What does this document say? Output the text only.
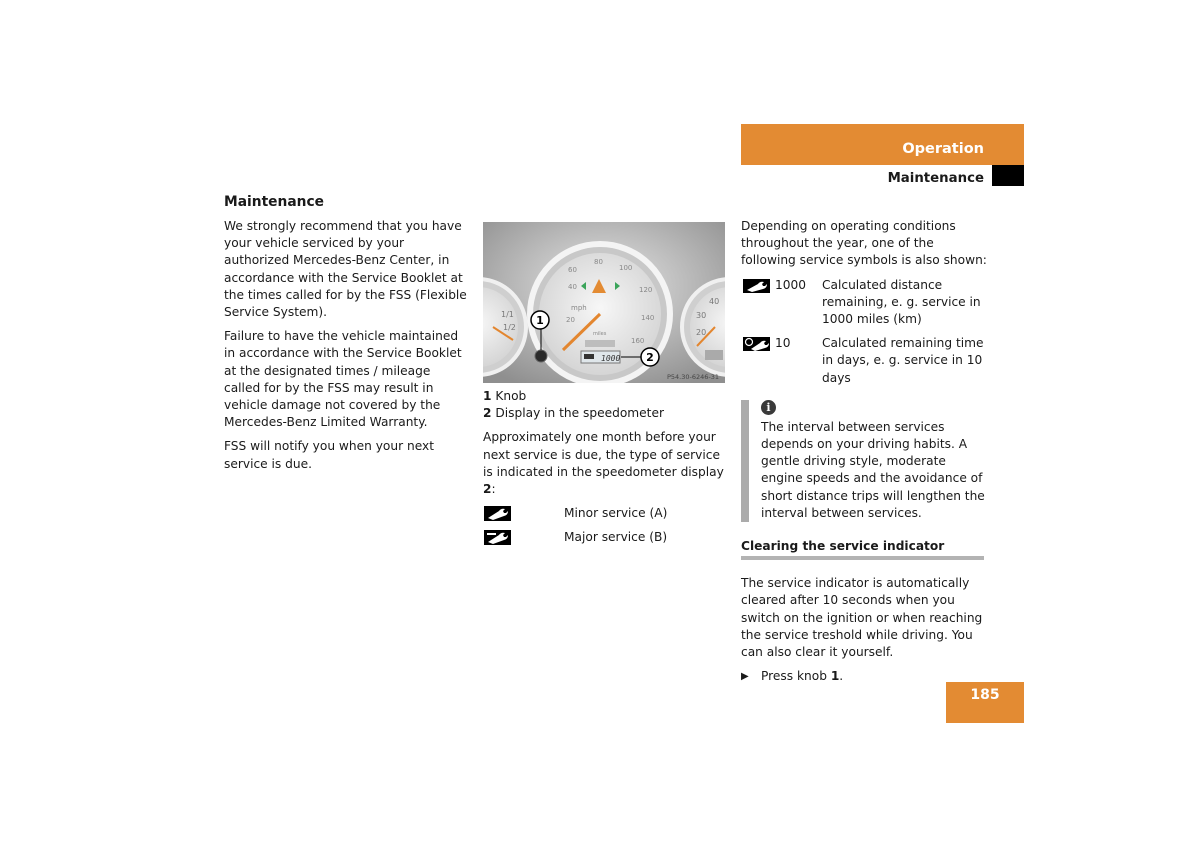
Operation
Maintenance
Maintenance

We strongly recommend that you have your vehicle serviced by your authorized Mercedes-Benz Center, in accordance with the Service Booklet at the times called for by the FSS (Flexible Service System).

Failure to have the vehicle maintained in accordance with the Service Booklet at the designated times / mileage called for by the FSS may result in vehicle damage not covered by the Mercedes-Benz Limited Warranty.

FSS will notify you when your next service is due.

1/1
1/2
40
30
20
40
80
100
120
140
160
60
20
mph
miles
1000
1
2
P54.30-6246-31
1 Knob
2 Display in the speedometer

Approximately one month before your next service is due, the type of service is indicated in the speedometer display 2:

Minor service (A)
Major service (B)

Depending on operating conditions throughout the year, one of the following service symbols is also shown:

1000 Calculated distance remaining, e. g. service in 1000 miles (km)

10	Calculated remaining time in days, e. g. service in 10 days

i

The interval between services depends on your driving habits. A gentle driving style, moderate engine speeds and the avoidance of short distance trips will lengthen the interval between services.

Clearing the service indicator

The service indicator is automatically cleared after 10 seconds when you switch on the ignition or when reaching the service treshold while driving. You can also clear it yourself.

▶ Press knob 1.
185
